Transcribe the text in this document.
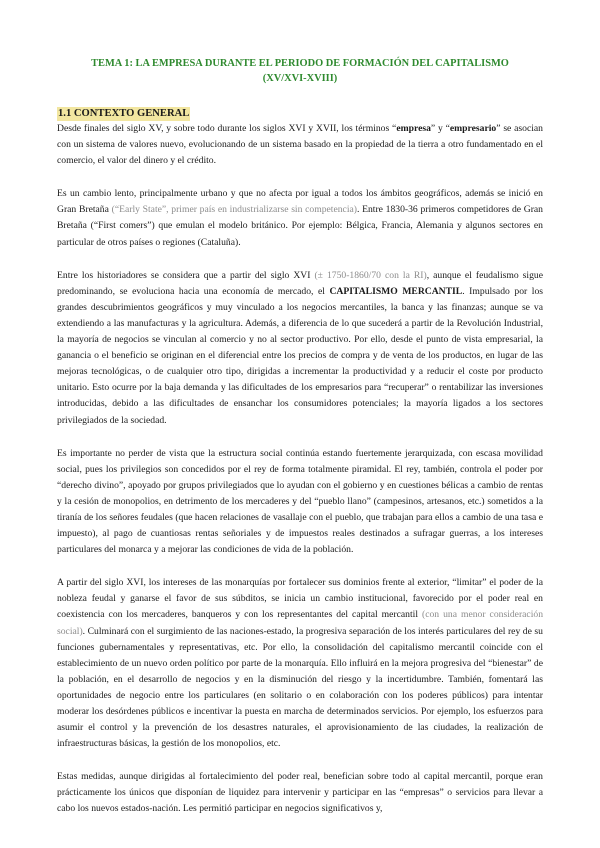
TEMA 1: LA EMPRESA DURANTE EL PERIODO DE FORMACIÓN DEL CAPITALISMO
(XV/XVI-XVIII)
1.1 CONTEXTO GENERAL

Desde finales del siglo XV, y sobre todo durante los siglos XVI y XVII, los términos “empresa” y “empresario” se asocian con un sistema de valores nuevo, evolucionando de un sistema basado en la propiedad de la tierra a otro fundamentado en el comercio, el valor del dinero y el crédito.

Es un cambio lento, principalmente urbano y que no afecta por igual a todos los ámbitos geográficos, además se inició en Gran Bretaña (“Early State”, primer país en industrializarse sin competencia). Entre 1830-36 primeros competidores de Gran Bretaña (“First comers”) que emulan el modelo británico. Por ejemplo: Bélgica, Francia, Alemania y algunos sectores en particular de otros países o regiones (Cataluña).

Entre los historiadores se considera que a partir del siglo XVI (± 1750-1860/70 con la RI), aunque el feudalismo sigue predominando, se evoluciona hacia una economía de mercado, el CAPITALISMO MERCANTIL. Impulsado por los grandes descubrimientos geográficos y muy vinculado a los negocios mercantiles, la banca y las finanzas; aunque se va extendiendo a las manufacturas y la agricultura. Además, a diferencia de lo que sucederá a partir de la Revolución Industrial, la mayoría de negocios se vinculan al comercio y no al sector productivo. Por ello, desde el punto de vista empresarial, la ganancia o el beneficio se originan en el diferencial entre los precios de compra y de venta de los productos, en lugar de las mejoras tecnológicas, o de cualquier otro tipo, dirigidas a incrementar la productividad y a reducir el coste por producto unitario. Esto ocurre por la baja demanda y las dificultades de los empresarios para “recuperar” o rentabilizar las inversiones introducidas, debido a las dificultades de ensanchar los consumidores potenciales; la mayoría ligados a los sectores privilegiados de la sociedad.

Es importante no perder de vista que la estructura social continúa estando fuertemente jerarquizada, con escasa movilidad social, pues los privilegios son concedidos por el rey de forma totalmente piramidal. El rey, también, controla el poder por “derecho divino”, apoyado por grupos privilegiados que lo ayudan con el gobierno y en cuestiones bélicas a cambio de rentas y la cesión de monopolios, en detrimento de los mercaderes y del “pueblo llano” (campesinos, artesanos, etc.) sometidos a la tiranía de los señores feudales (que hacen relaciones de vasallaje con el pueblo, que trabajan para ellos a cambio de una tasa e impuesto), al pago de cuantiosas rentas señoriales y de impuestos reales destinados a sufragar guerras, a los intereses particulares del monarca y a mejorar las condiciones de vida de la población.

A partir del siglo XVI, los intereses de las monarquías por fortalecer sus dominios frente al exterior, “limitar” el poder de la nobleza feudal y ganarse el favor de sus súbditos, se inicia un cambio institucional, favorecido por el poder real en coexistencia con los mercaderes, banqueros y con los representantes del capital mercantil (con una menor consideración social). Culminará con el surgimiento de las naciones-estado, la progresiva separación de los interés particulares del rey de su funciones gubernamentales y representativas, etc. Por ello, la consolidación del capitalismo mercantil coincide con el establecimiento de un nuevo orden político por parte de la monarquía. Ello influirá en la mejora progresiva del “bienestar” de la población, en el desarrollo de negocios y en la disminución del riesgo y la incertidumbre. También, fomentará las oportunidades de negocio entre los particulares (en solitario o en colaboración con los poderes públicos) para intentar moderar los desórdenes públicos e incentivar la puesta en marcha de determinados servicios. Por ejemplo, los esfuerzos para asumir el control y la prevención de los desastres naturales, el aprovisionamiento de las ciudades, la realización de infraestructuras básicas, la gestión de los monopolios, etc.

Estas medidas, aunque dirigidas al fortalecimiento del poder real, benefician sobre todo al capital mercantil, porque eran prácticamente los únicos que disponían de liquidez para intervenir y participar en las “empresas” o servicios para llevar a cabo los nuevos estados-nación. Les permitió participar en negocios significativos y,
